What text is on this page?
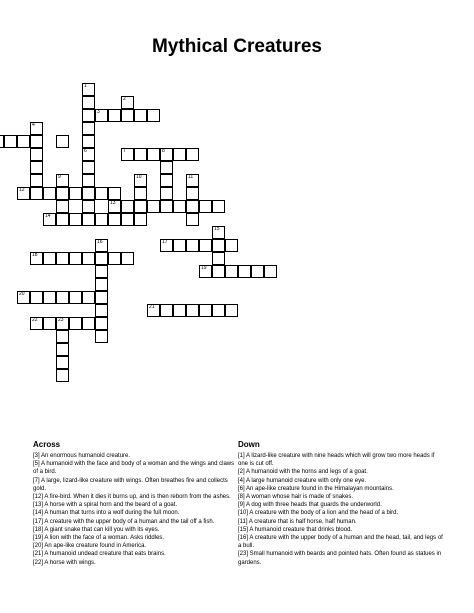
Mythical Creatures
1
3
2
4
6	7	8
9	10	11
12
13
14
15
16	17
18
19
20
21
22	23
Across
[3] An enormous humanoid creature.
[5] A humanoid with the face and body of a woman and the wings and claws of a bird.
[7] A large, lizard-like creature with wings. Often breathes fire and collects gold.
[12] A fire-bird. When it dies it burns up, and is then reborn from the ashes.
[13] A horse with a spiral horn and the beard of a goat.
[14] A human that turns into a wolf during the full moon.
[17] A creature with the upper body of a human and the tail off a fish.
[18] A giant snake that can kill you with its eyes.
[19] A lion with the face of a woman. Asks riddles.
[20] An ape-like creature found in America.
[21] A humanoid undead creature that eats brains.
[22] A horse with wings.
Down
[1] A lizard-like creature with nine heads which will grow two more heads if one is cut off.
[2] A humanoid with the horns and legs of a goat.
[4] A large humanoid creature with only one eye.
[6] An ape-like creature found in the Himalayan mountains.
[8] A woman whose hair is made of snakes.
[9] A dog with three heads that guards the underworld.
[10] A creature with the body of a lion and the head of a bird.
[11] A creature that is half horse, half human.
[15] A humanoid creature that drinks blood.
[16] A creature with the upper body of a human and the head, tail, and legs of a bull.
[23] Small humanoid with beards and pointed hats. Often found as statues in gardens.
